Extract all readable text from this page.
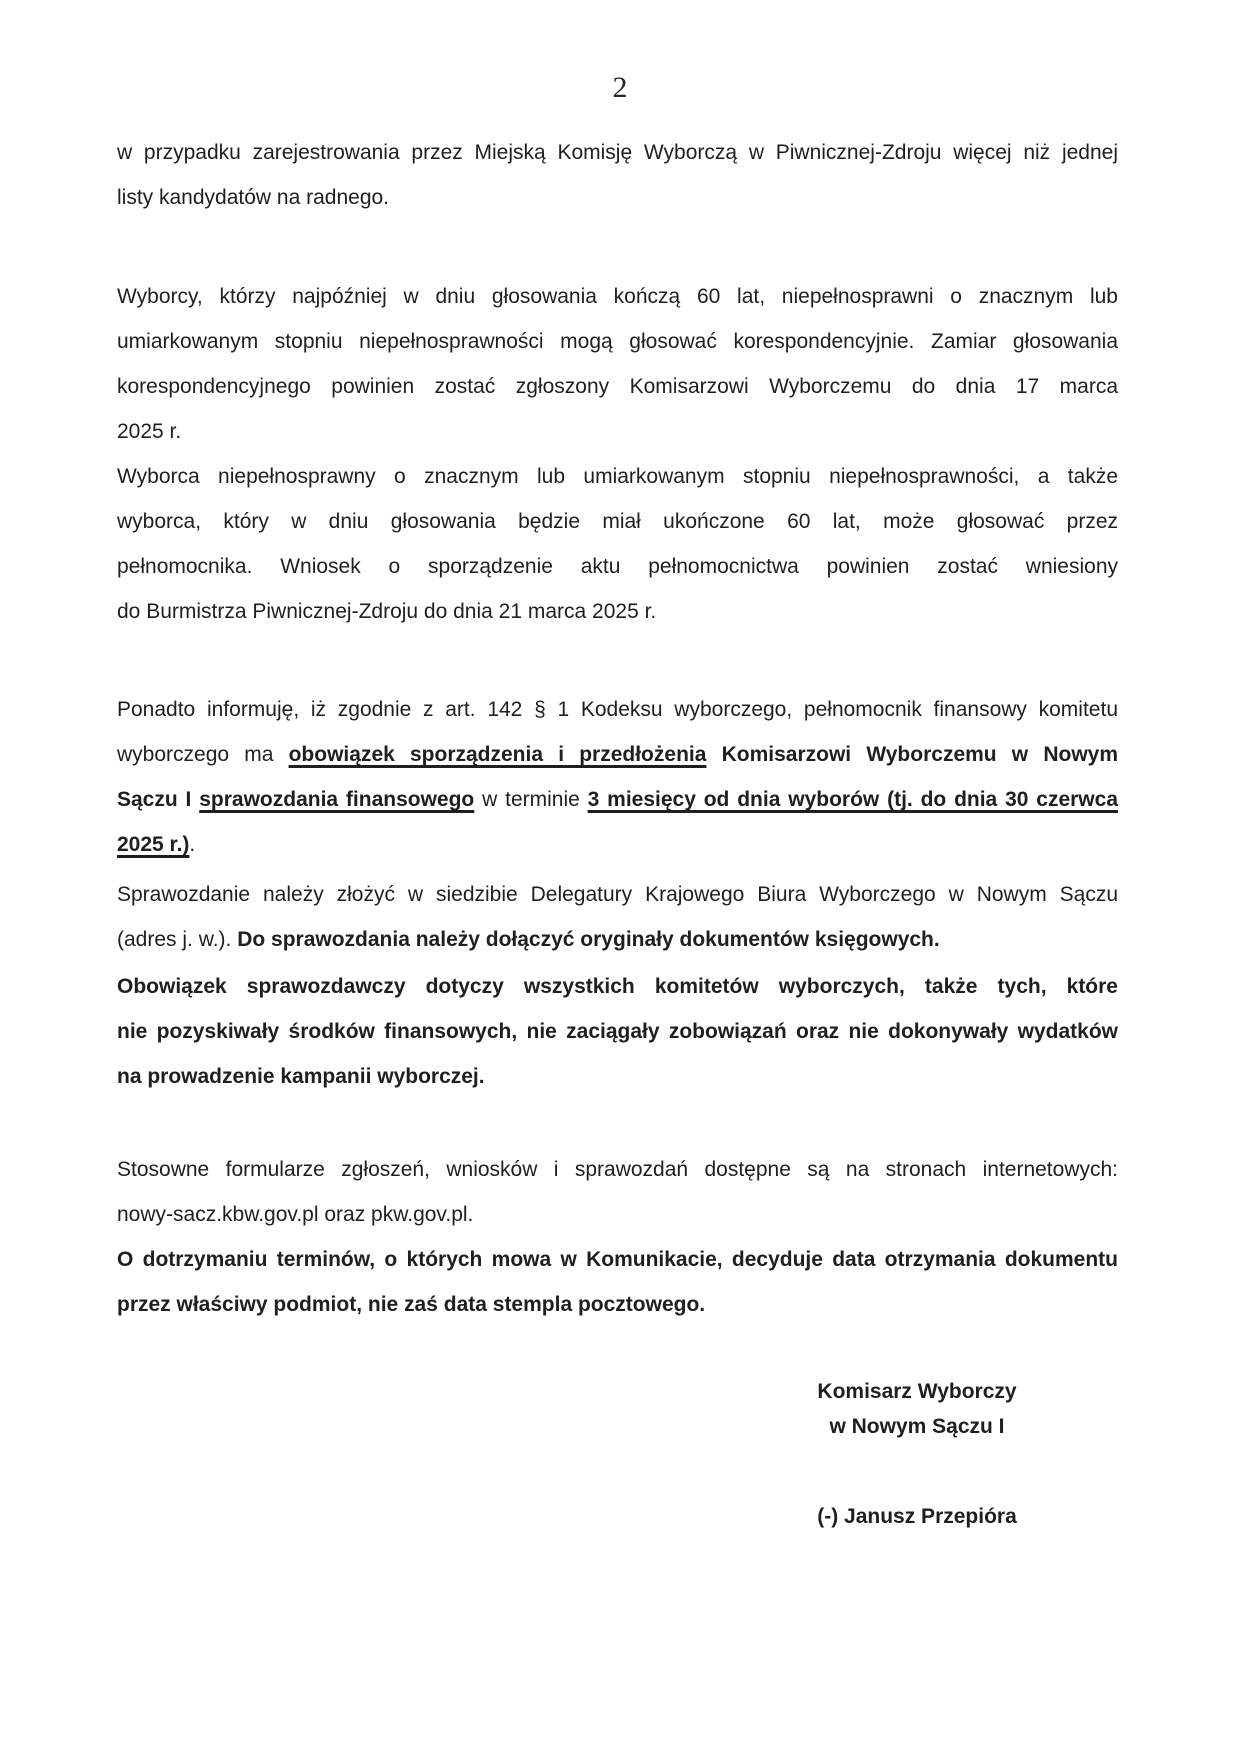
2
w przypadku zarejestrowania przez Miejską Komisję Wyborczą w Piwnicznej-Zdroju więcej niż jednej
listy kandydatów na radnego.
Wyborcy, którzy najpóźniej w dniu głosowania kończą 60 lat, niepełnosprawni o znacznym lub
umiarkowanym stopniu niepełnosprawności mogą głosować korespondencyjnie. Zamiar głosowania
korespondencyjnego powinien zostać zgłoszony Komisarzowi Wyborczemu do dnia 17 marca
2025 r.
Wyborca niepełnosprawny o znacznym lub umiarkowanym stopniu niepełnosprawności, a także
wyborca, który w dniu głosowania będzie miał ukończone 60 lat, może głosować przez
pełnomocnika. Wniosek o sporządzenie aktu pełnomocnictwa powinien zostać wniesiony
do Burmistrza Piwnicznej-Zdroju do dnia 21 marca 2025 r.
Ponadto informuję, iż zgodnie z art. 142 § 1 Kodeksu wyborczego, pełnomocnik finansowy komitetu
wyborczego ma obowiązek sporządzenia i przedłożenia Komisarzowi Wyborczemu w Nowym
Sączu I sprawozdania finansowego w terminie 3 miesięcy od dnia wyborów (tj. do dnia 30 czerwca
2025 r.).
Sprawozdanie należy złożyć w siedzibie Delegatury Krajowego Biura Wyborczego w Nowym Sączu
(adres j. w.). Do sprawozdania należy dołączyć oryginały dokumentów księgowych.
Obowiązek sprawozdawczy dotyczy wszystkich komitetów wyborczych, także tych, które
nie pozyskiwały środków finansowych, nie zaciągały zobowiązań oraz nie dokonywały wydatków
na prowadzenie kampanii wyborczej.
Stosowne formularze zgłoszeń, wniosków i sprawozdań dostępne są na stronach internetowych:
nowy-sacz.kbw.gov.pl oraz pkw.gov.pl.
O dotrzymaniu terminów, o których mowa w Komunikacie, decyduje data otrzymania dokumentu
przez właściwy podmiot, nie zaś data stempla pocztowego.
Komisarz Wyborczy
w Nowym Sączu I
(-) Janusz Przepióra
